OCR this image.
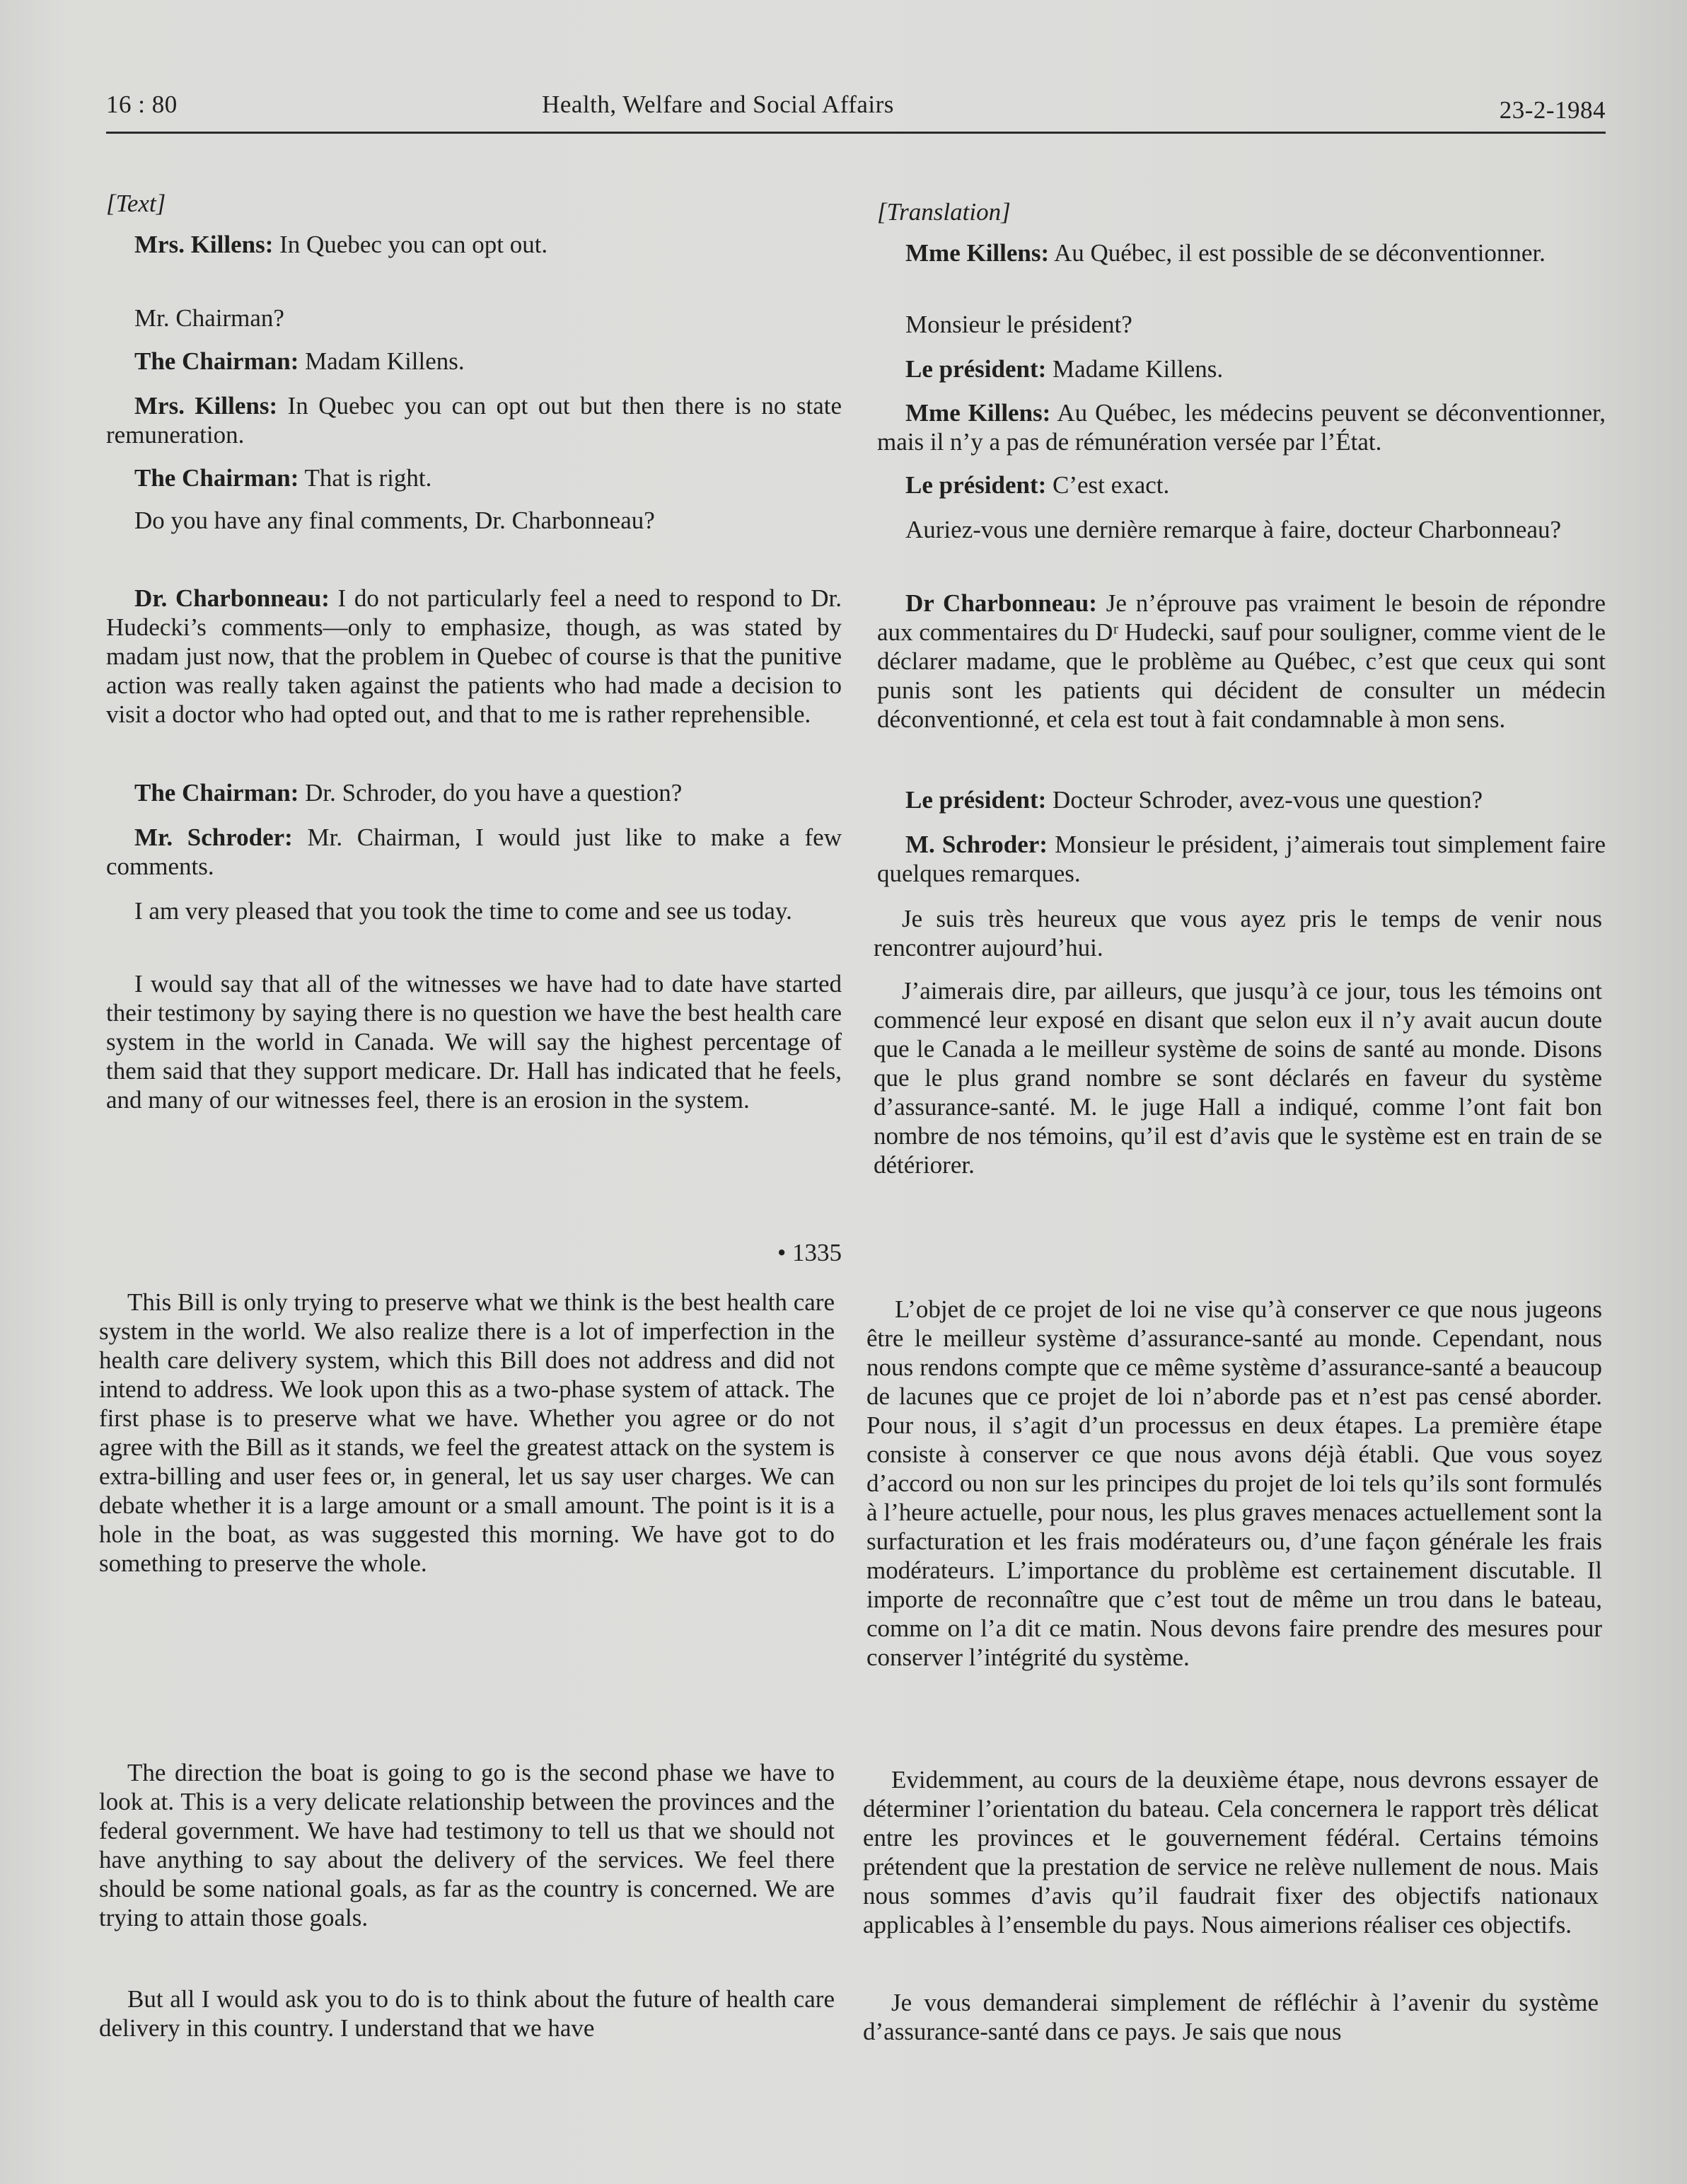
16 : 80	Health, Welfare and Social Affairs	23-2-1984

[Text]

Mrs. Killens: In Quebec you can opt out.

Mr. Chairman?

The Chairman: Madam Killens.

Mrs. Killens: In Quebec you can opt out but then there is no state remuneration.

The Chairman: That is right.

Do you have any final comments, Dr. Charbonneau?

Dr. Charbonneau: I do not particularly feel a need to respond to Dr. Hudecki’s comments—only to emphasize, though, as was stated by madam just now, that the problem in Quebec of course is that the punitive action was really taken against the patients who had made a decision to visit a doctor who had opted out, and that to me is rather reprehensible.

The Chairman: Dr. Schroder, do you have a question?

Mr. Schroder: Mr. Chairman, I would just like to make a few comments.

I am very pleased that you took the time to come and see us today.

I would say that all of the witnesses we have had to date have started their testimony by saying there is no question we have the best health care system in the world in Canada. We will say the highest percentage of them said that they support medicare. Dr. Hall has indicated that he feels, and many of our witnesses feel, there is an erosion in the system.

• 1335

This Bill is only trying to preserve what we think is the best health care system in the world. We also realize there is a lot of imperfection in the health care delivery system, which this Bill does not address and did not intend to address. We look upon this as a two-phase system of attack. The first phase is to preserve what we have. Whether you agree or do not agree with the Bill as it stands, we feel the greatest attack on the system is extra-billing and user fees or, in general, let us say user charges. We can debate whether it is a large amount or a small amount. The point is it is a hole in the boat, as was suggested this morning. We have got to do something to preserve the whole.

The direction the boat is going to go is the second phase we have to look at. This is a very delicate relationship between the provinces and the federal government. We have had testimony to tell us that we should not have anything to say about the delivery of the services. We feel there should be some national goals, as far as the country is concerned. We are trying to attain those goals.

But all I would ask you to do is to think about the future of health care delivery in this country. I understand that we have

[Translation]

Mme Killens: Au Québec, il est possible de se déconventionner.

Monsieur le président?

Le président: Madame Killens.

Mme Killens: Au Québec, les médecins peuvent se déconventionner, mais il n’y a pas de rémunération versée par l’État.

Le président: C’est exact.

Auriez-vous une dernière remarque à faire, docteur Charbonneau?

Dr Charbonneau: Je n’éprouve pas vraiment le besoin de répondre aux commentaires du Dʳ Hudecki, sauf pour souligner, comme vient de le déclarer madame, que le problème au Québec, c’est que ceux qui sont punis sont les patients qui décident de consulter un médecin déconventionné, et cela est tout à fait condamnable à mon sens.

Le président: Docteur Schroder, avez-vous une question?

M. Schroder: Monsieur le président, j’aimerais tout simplement faire quelques remarques.

Je suis très heureux que vous ayez pris le temps de venir nous rencontrer aujourd’hui.

J’aimerais dire, par ailleurs, que jusqu’à ce jour, tous les témoins ont commencé leur exposé en disant que selon eux il n’y avait aucun doute que le Canada a le meilleur système de soins de santé au monde. Disons que le plus grand nombre se sont déclarés en faveur du système d’assurance-santé. M. le juge Hall a indiqué, comme l’ont fait bon nombre de nos témoins, qu’il est d’avis que le système est en train de se détériorer.

L’objet de ce projet de loi ne vise qu’à conserver ce que nous jugeons être le meilleur système d’assurance-santé au monde. Cependant, nous nous rendons compte que ce même système d’assurance-santé a beaucoup de lacunes que ce projet de loi n’aborde pas et n’est pas censé aborder. Pour nous, il s’agit d’un processus en deux étapes. La première étape consiste à conserver ce que nous avons déjà établi. Que vous soyez d’accord ou non sur les principes du projet de loi tels qu’ils sont formulés à l’heure actuelle, pour nous, les plus graves menaces actuellement sont la surfacturation et les frais modérateurs ou, d’une façon générale les frais modérateurs. L’importance du problème est certainement discutable. Il importe de reconnaître que c’est tout de même un trou dans le bateau, comme on l’a dit ce matin. Nous devons faire prendre des mesures pour conserver l’intégrité du système.

Evidemment, au cours de la deuxième étape, nous devrons essayer de déterminer l’orientation du bateau. Cela concernera le rapport très délicat entre les provinces et le gouvernement fédéral. Certains témoins prétendent que la prestation de service ne relève nullement de nous. Mais nous sommes d’avis qu’il faudrait fixer des objectifs nationaux applicables à l’ensemble du pays. Nous aimerions réaliser ces objectifs.

Je vous demanderai simplement de réfléchir à l’avenir du système d’assurance-santé dans ce pays. Je sais que nous
